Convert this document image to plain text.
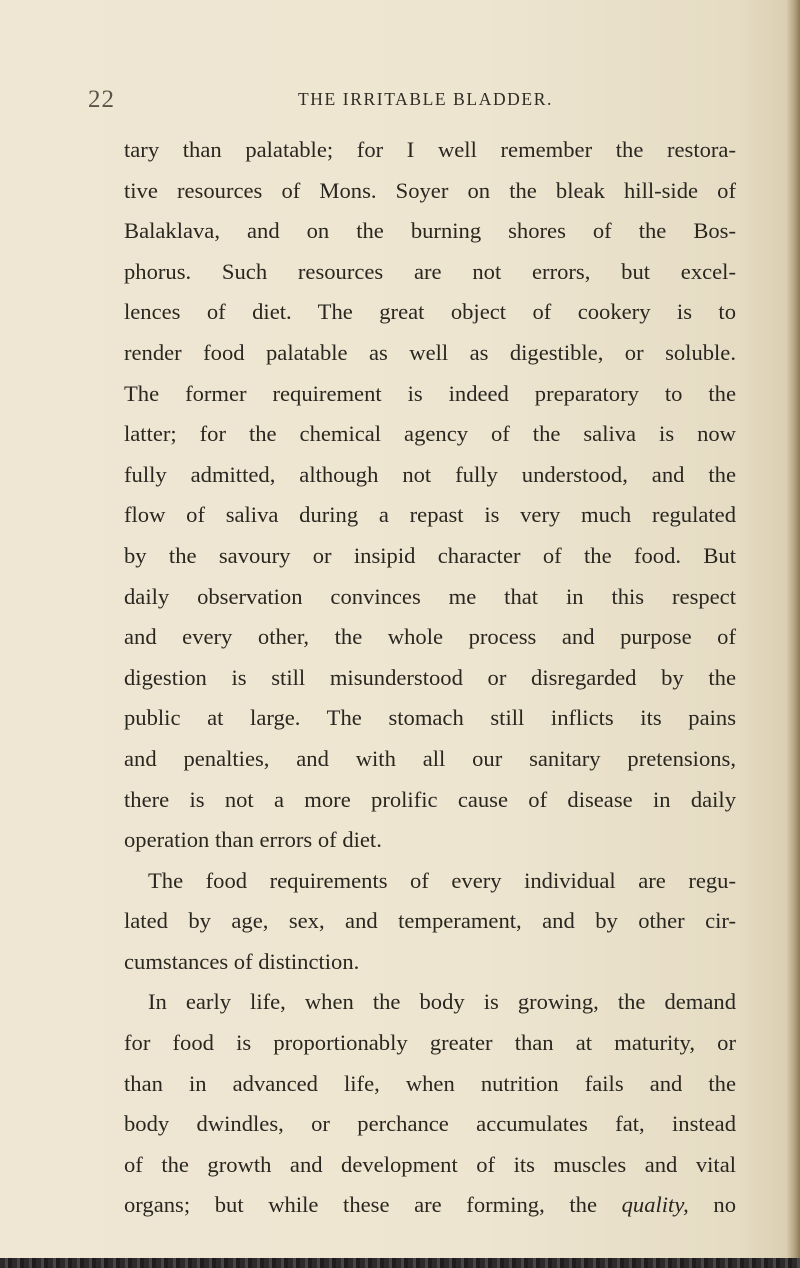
22	THE IRRITABLE BLADDER.
tary than palatable; for I well remember the restora-
tive resources of Mons. Soyer on the bleak hill-side of
Balaklava, and on the burning shores of the Bos-
phorus. Such resources are not errors, but excel-
lences of diet. The great object of cookery is to
render food palatable as well as digestible, or soluble.
The former requirement is indeed preparatory to the
latter; for the chemical agency of the saliva is now
fully admitted, although not fully understood, and the
flow of saliva during a repast is very much regulated
by the savoury or insipid character of the food. But
daily observation convinces me that in this respect
and every other, the whole process and purpose of
digestion is still misunderstood or disregarded by the
public at large. The stomach still inflicts its pains
and penalties, and with all our sanitary pretensions,
there is not a more prolific cause of disease in daily
operation than errors of diet.
The food requirements of every individual are regu-
lated by age, sex, and temperament, and by other cir-
cumstances of distinction.
In early life, when the body is growing, the demand
for food is proportionably greater than at maturity, or
than in advanced life, when nutrition fails and the
body dwindles, or perchance accumulates fat, instead
of the growth and development of its muscles and vital
organs; but while these are forming, the quality, no
